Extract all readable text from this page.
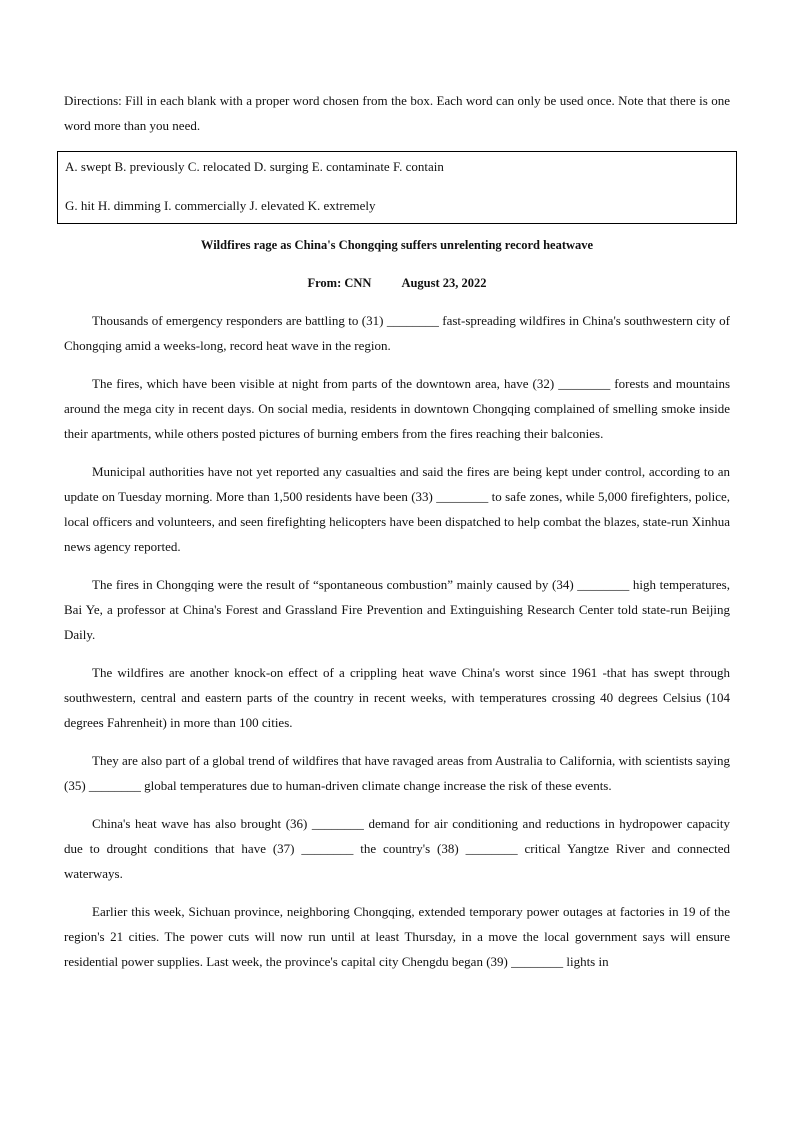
Directions: Fill in each blank with a proper word chosen from the box. Each word can only be used once. Note that there is one word more than you need.

A. swept B. previously C. relocated D. surging E. contaminate F. contain

G. hit H. dimming I. commercially J. elevated K. extremely

Wildfires rage as China's Chongqing suffers unrelenting record heatwave
From: CNN August 23, 2022

Thousands of emergency responders are battling to (31) ________ fast-spreading wildfires in China's southwestern city of Chongqing amid a weeks-long, record heat wave in the region.

The fires, which have been visible at night from parts of the downtown area, have (32) ________ forests and mountains around the mega city in recent days. On social media, residents in downtown Chongqing complained of smelling smoke inside their apartments, while others posted pictures of burning embers from the fires reaching their balconies.

Municipal authorities have not yet reported any casualties and said the fires are being kept under control, according to an update on Tuesday morning. More than 1,500 residents have been (33) ________ to safe zones, while 5,000 firefighters, police, local officers and volunteers, and seen firefighting helicopters have been dispatched to help combat the blazes, state-run Xinhua news agency reported.

The fires in Chongqing were the result of “spontaneous combustion” mainly caused by (34) ________ high temperatures, Bai Ye, a professor at China's Forest and Grassland Fire Prevention and Extinguishing Research Center told state-run Beijing Daily.

The wildfires are another knock-on effect of a crippling heat wave China's worst since 1961 -that has swept through southwestern, central and eastern parts of the country in recent weeks, with temperatures crossing 40 degrees Celsius (104 degrees Fahrenheit) in more than 100 cities.

They are also part of a global trend of wildfires that have ravaged areas from Australia to California, with scientists saying (35) ________ global temperatures due to human-driven climate change increase the risk of these events.

China's heat wave has also brought (36) ________ demand for air conditioning and reductions in hydropower capacity due to drought conditions that have (37) ________ the country's (38) ________ critical Yangtze River and connected waterways.

Earlier this week, Sichuan province, neighboring Chongqing, extended temporary power outages at factories in 19 of the region's 21 cities. The power cuts will now run until at least Thursday, in a move the local government says will ensure residential power supplies. Last week, the province's capital city Chengdu began (39) ________ lights in
